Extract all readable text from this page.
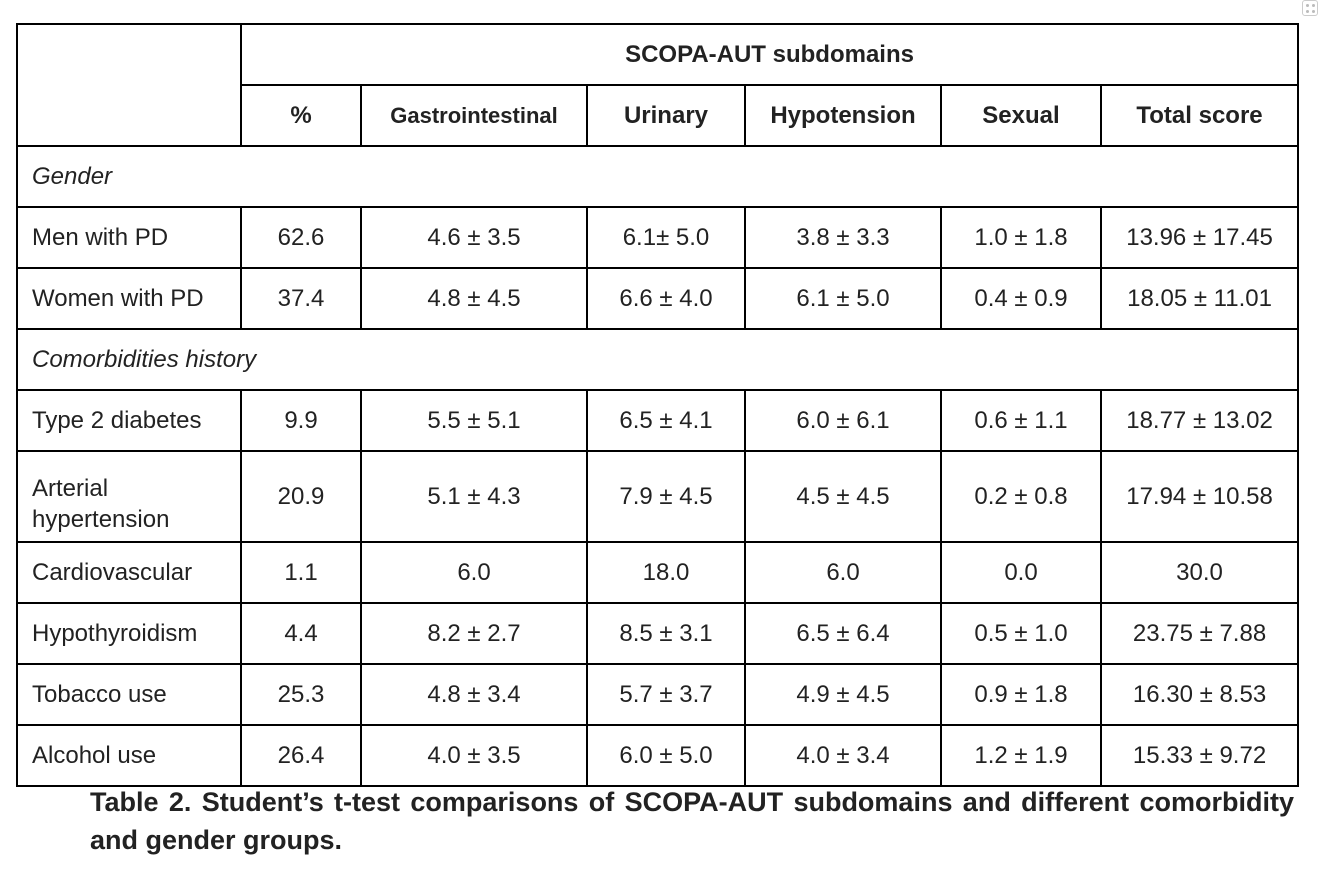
	SCOPA-AUT subdomains					
	%	Gastrointestinal	Urinary	Hypotension	Sexual	Total score
Gender						
Men with PD	62.6	4.6 ± 3.5	6.1± 5.0	3.8 ± 3.3	1.0 ± 1.8	13.96 ± 17.45
Women with PD	37.4	4.8 ± 4.5	6.6 ± 4.0	6.1 ± 5.0	0.4 ± 0.9	18.05 ± 11.01
Comorbidities history						
Type 2 diabetes	9.9	5.5 ± 5.1	6.5 ± 4.1	6.0 ± 6.1	0.6 ± 1.1	18.77 ± 13.02
Arterial hypertension	20.9	5.1 ± 4.3	7.9 ± 4.5	4.5 ± 4.5	0.2 ± 0.8	17.94 ± 10.58
Cardiovascular	1.1	6.0	18.0	6.0	0.0	30.0
Hypothyroidism	4.4	8.2 ± 2.7	8.5 ± 3.1	6.5 ± 6.4	0.5 ± 1.0	23.75 ± 7.88
Tobacco use	25.3	4.8 ± 3.4	5.7 ± 3.7	4.9 ± 4.5	0.9 ± 1.8	16.30 ± 8.53
Alcohol use	26.4	4.0 ± 3.5	6.0 ± 5.0	4.0 ± 3.4	1.2 ± 1.9	15.33 ± 9.72
Table 2. Student’s t-test comparisons of SCOPA-AUT subdomains and different comorbidity and gender groups.
